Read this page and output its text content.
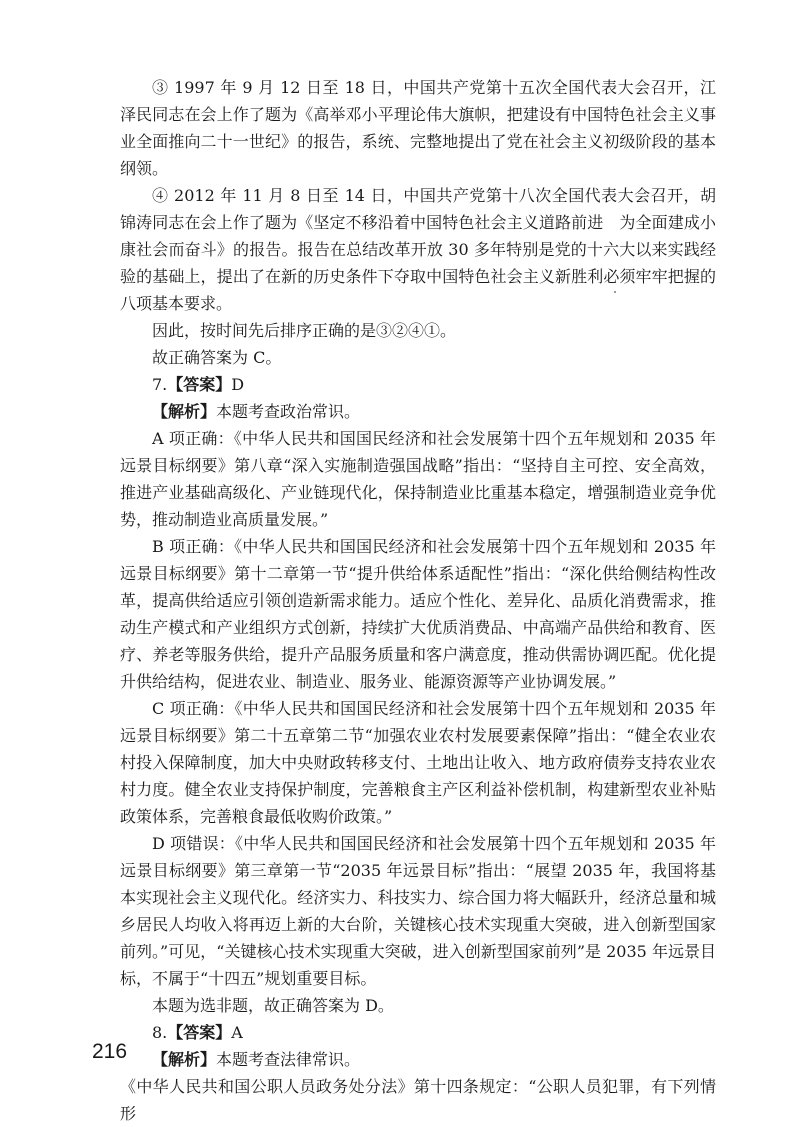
③ 1997 年 9 月 12 日至 18 日，中国共产党第十五次全国代表大会召开，江泽民同志在会上作了题为《高举邓小平理论伟大旗帜，把建设有中国特色社会主义事业全面推向二十一世纪》的报告，系统、完整地提出了党在社会主义初级阶段的基本纲领。

④ 2012 年 11 月 8 日至 14 日，中国共产党第十八次全国代表大会召开，胡锦涛同志在会上作了题为《坚定不移沿着中国特色社会主义道路前进　为全面建成小康社会而奋斗》的报告。报告在总结改革开放 30 多年特别是党的十六大以来实践经验的基础上，提出了在新的历史条件下夺取中国特色社会主义新胜利必须牢牢把握的八项基本要求。

因此，按时间先后排序正确的是③②④①。

故正确答案为 C。

7.【答案】D

【解析】本题考查政治常识。

A 项正确：《中华人民共和国国民经济和社会发展第十四个五年规划和 2035 年远景目标纲要》第八章“深入实施制造强国战略”指出：“坚持自主可控、安全高效，推进产业基础高级化、产业链现代化，保持制造业比重基本稳定，增强制造业竞争优势，推动制造业高质量发展。”

B 项正确：《中华人民共和国国民经济和社会发展第十四个五年规划和 2035 年远景目标纲要》第十二章第一节“提升供给体系适配性”指出：“深化供给侧结构性改革，提高供给适应引领创造新需求能力。适应个性化、差异化、品质化消费需求，推动生产模式和产业组织方式创新，持续扩大优质消费品、中高端产品供给和教育、医疗、养老等服务供给，提升产品服务质量和客户满意度，推动供需协调匹配。优化提升供给结构，促进农业、制造业、服务业、能源资源等产业协调发展。”

C 项正确：《中华人民共和国国民经济和社会发展第十四个五年规划和 2035 年远景目标纲要》第二十五章第二节“加强农业农村发展要素保障”指出：“健全农业农村投入保障制度，加大中央财政转移支付、土地出让收入、地方政府债券支持农业农村力度。健全农业支持保护制度，完善粮食主产区利益补偿机制，构建新型农业补贴政策体系，完善粮食最低收购价政策。”

D 项错误：《中华人民共和国国民经济和社会发展第十四个五年规划和 2035 年远景目标纲要》第三章第一节“2035 年远景目标”指出：“展望 2035 年，我国将基本实现社会主义现代化。经济实力、科技实力、综合国力将大幅跃升，经济总量和城乡居民人均收入将再迈上新的大台阶，关键核心技术实现重大突破，进入创新型国家前列。”可见，“关键核心技术实现重大突破，进入创新型国家前列”是 2035 年远景目标，不属于“十四五”规划重要目标。

本题为选非题，故正确答案为 D。

8.【答案】A

【解析】本题考查法律常识。

《中华人民共和国公职人员政务处分法》第十四条规定：“公职人员犯罪，有下列情形

216
